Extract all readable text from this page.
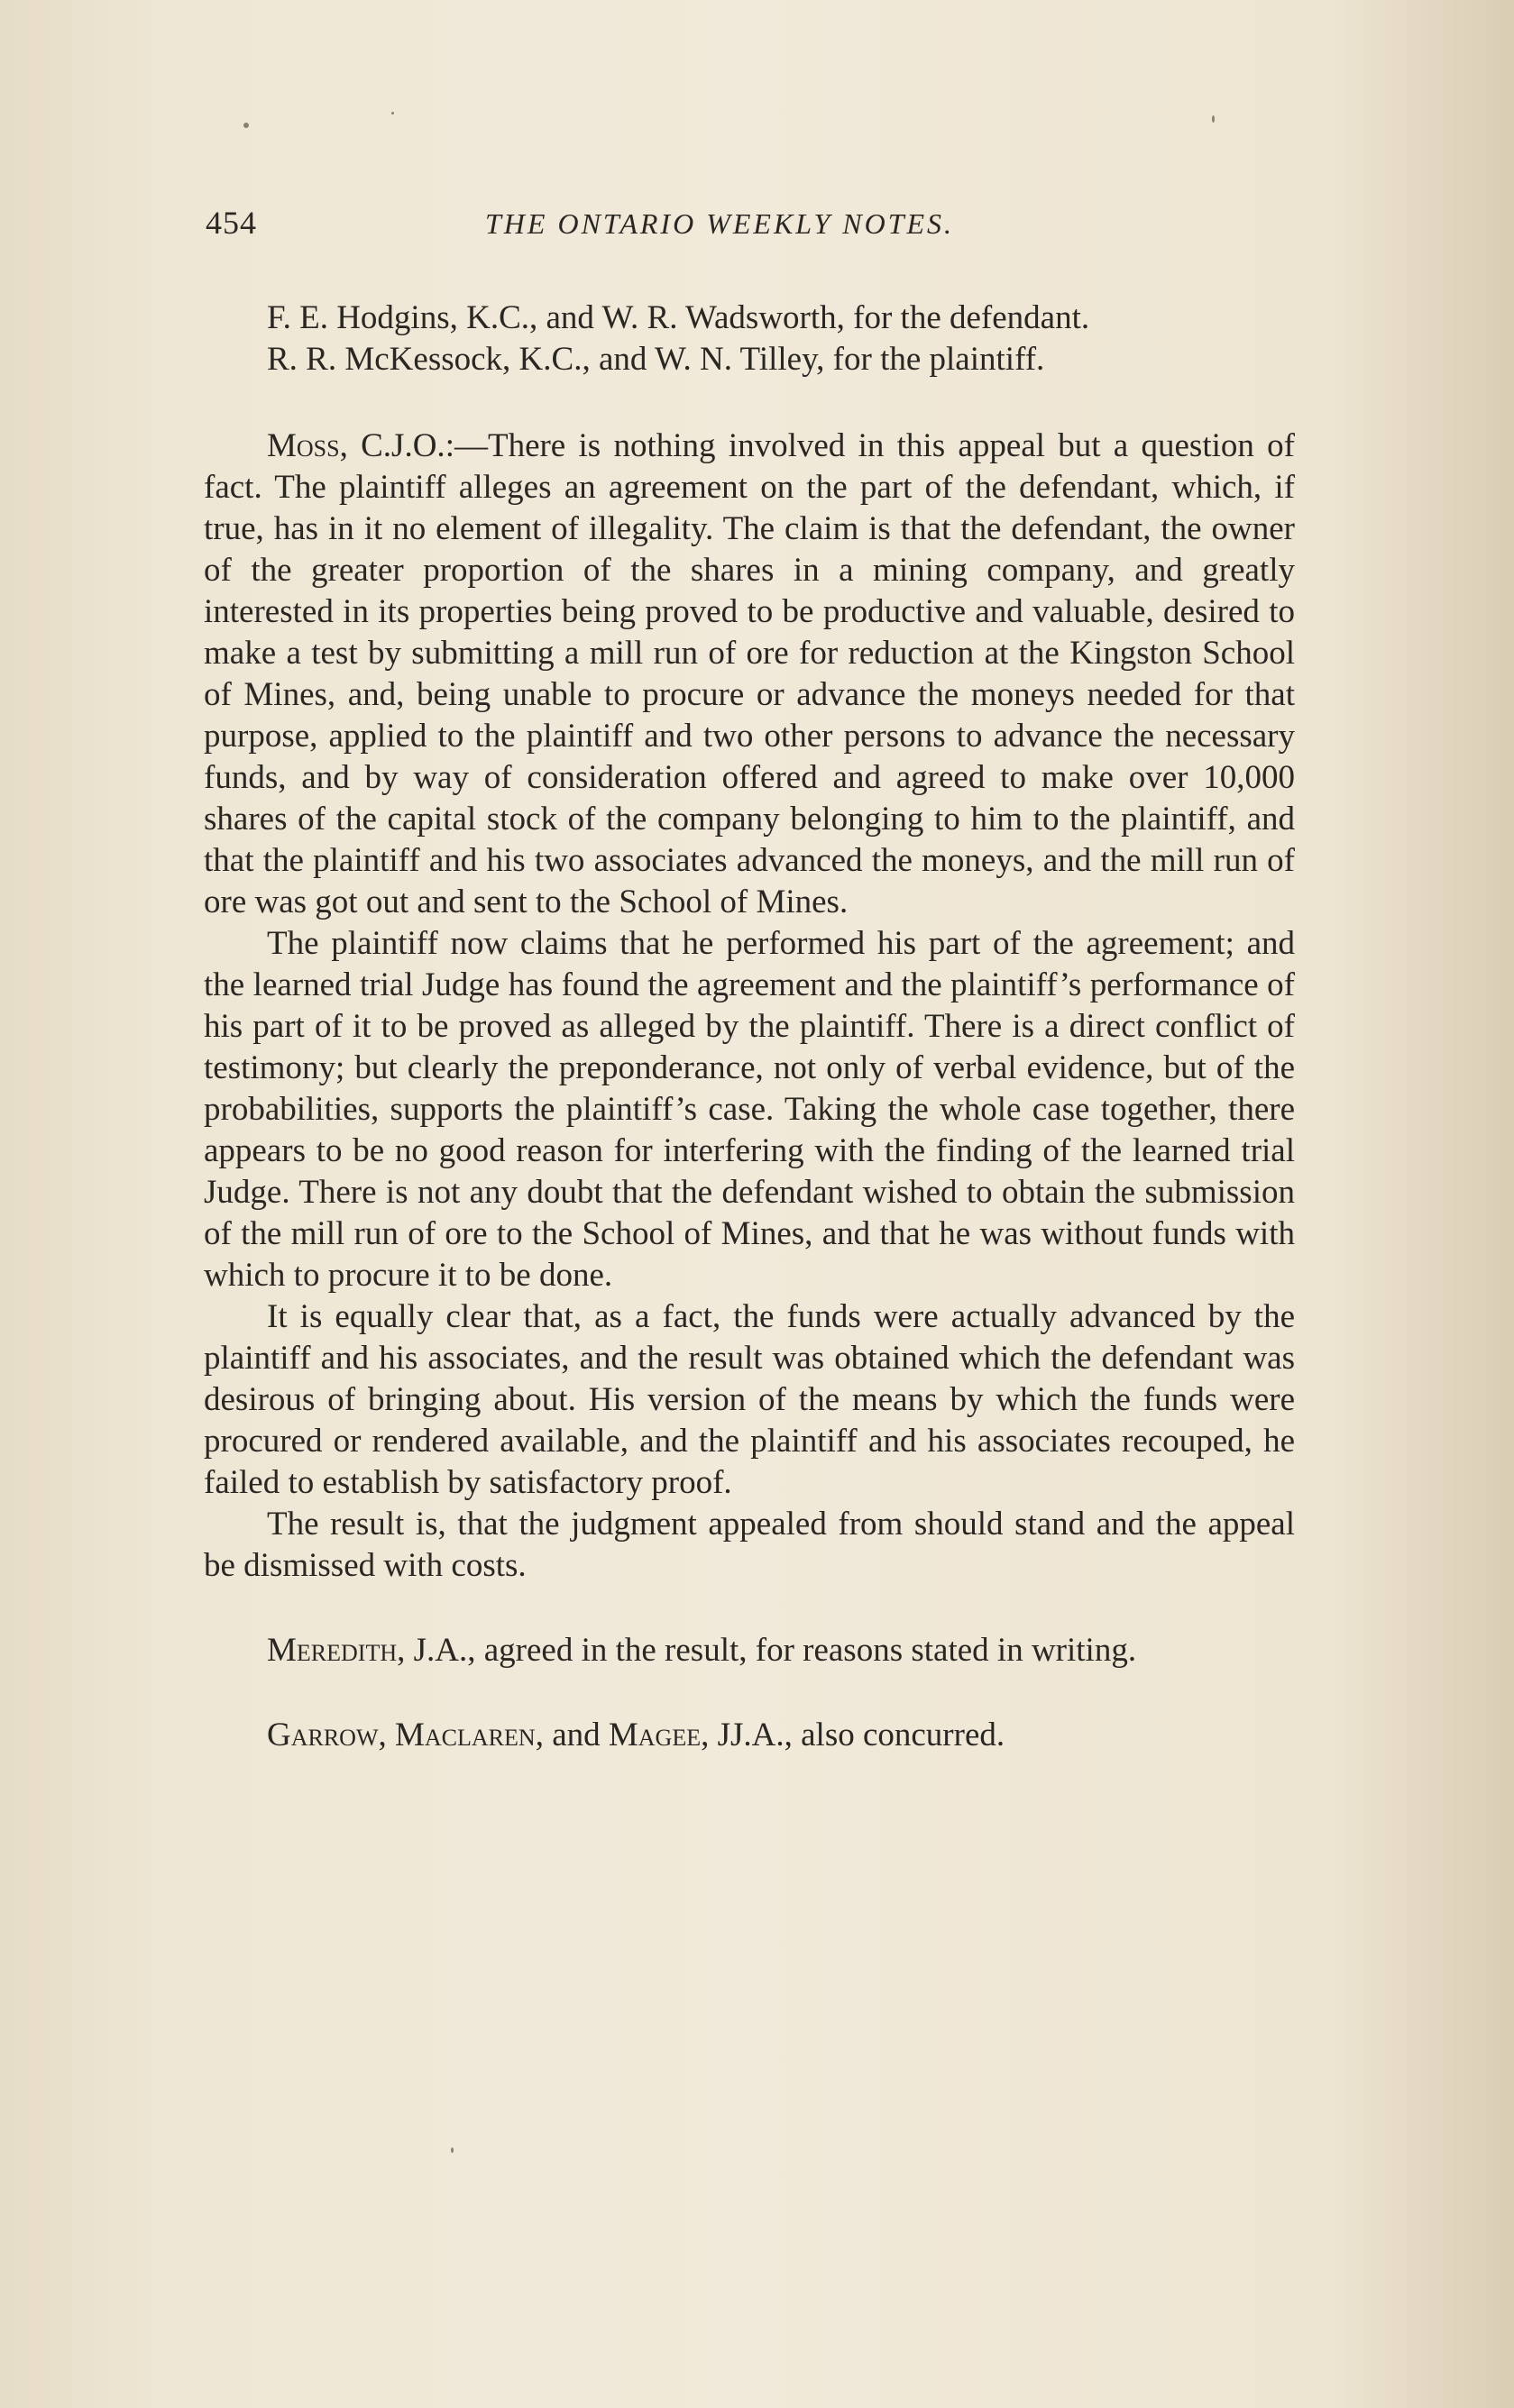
454	THE ONTARIO WEEKLY NOTES.

F. E. Hodgins, K.C., and W. R. Wadsworth, for the defendant.

R. R. McKessock, K.C., and W. N. Tilley, for the plaintiff.

Moss, C.J.O.:—There is nothing involved in this appeal but a question of fact. The plaintiff alleges an agreement on the part of the defendant, which, if true, has in it no element of illegality. The claim is that the defendant, the owner of the greater proportion of the shares in a mining company, and greatly interested in its properties being proved to be productive and valuable, desired to make a test by submitting a mill run of ore for reduction at the Kingston School of Mines, and, being unable to procure or advance the moneys needed for that purpose, applied to the plaintiff and two other persons to advance the necessary funds, and by way of consideration offered and agreed to make over 10,000 shares of the capital stock of the company belonging to him to the plaintiff, and that the plaintiff and his two associates advanced the moneys, and the mill run of ore was got out and sent to the School of Mines.

The plaintiff now claims that he performed his part of the agreement; and the learned trial Judge has found the agreement and the plaintiff’s performance of his part of it to be proved as alleged by the plaintiff. There is a direct conflict of testimony; but clearly the preponderance, not only of verbal evidence, but of the probabilities, supports the plaintiff’s case. Taking the whole case together, there appears to be no good reason for interfering with the finding of the learned trial Judge. There is not any doubt that the defendant wished to obtain the submission of the mill run of ore to the School of Mines, and that he was without funds with which to procure it to be done.

It is equally clear that, as a fact, the funds were actually advanced by the plaintiff and his associates, and the result was obtained which the defendant was desirous of bringing about. His version of the means by which the funds were procured or rendered available, and the plaintiff and his associates recouped, he failed to establish by satisfactory proof.

The result is, that the judgment appealed from should stand and the appeal be dismissed with costs.

Meredith, J.A., agreed in the result, for reasons stated in writing.

Garrow, Maclaren, and Magee, JJ.A., also concurred.
